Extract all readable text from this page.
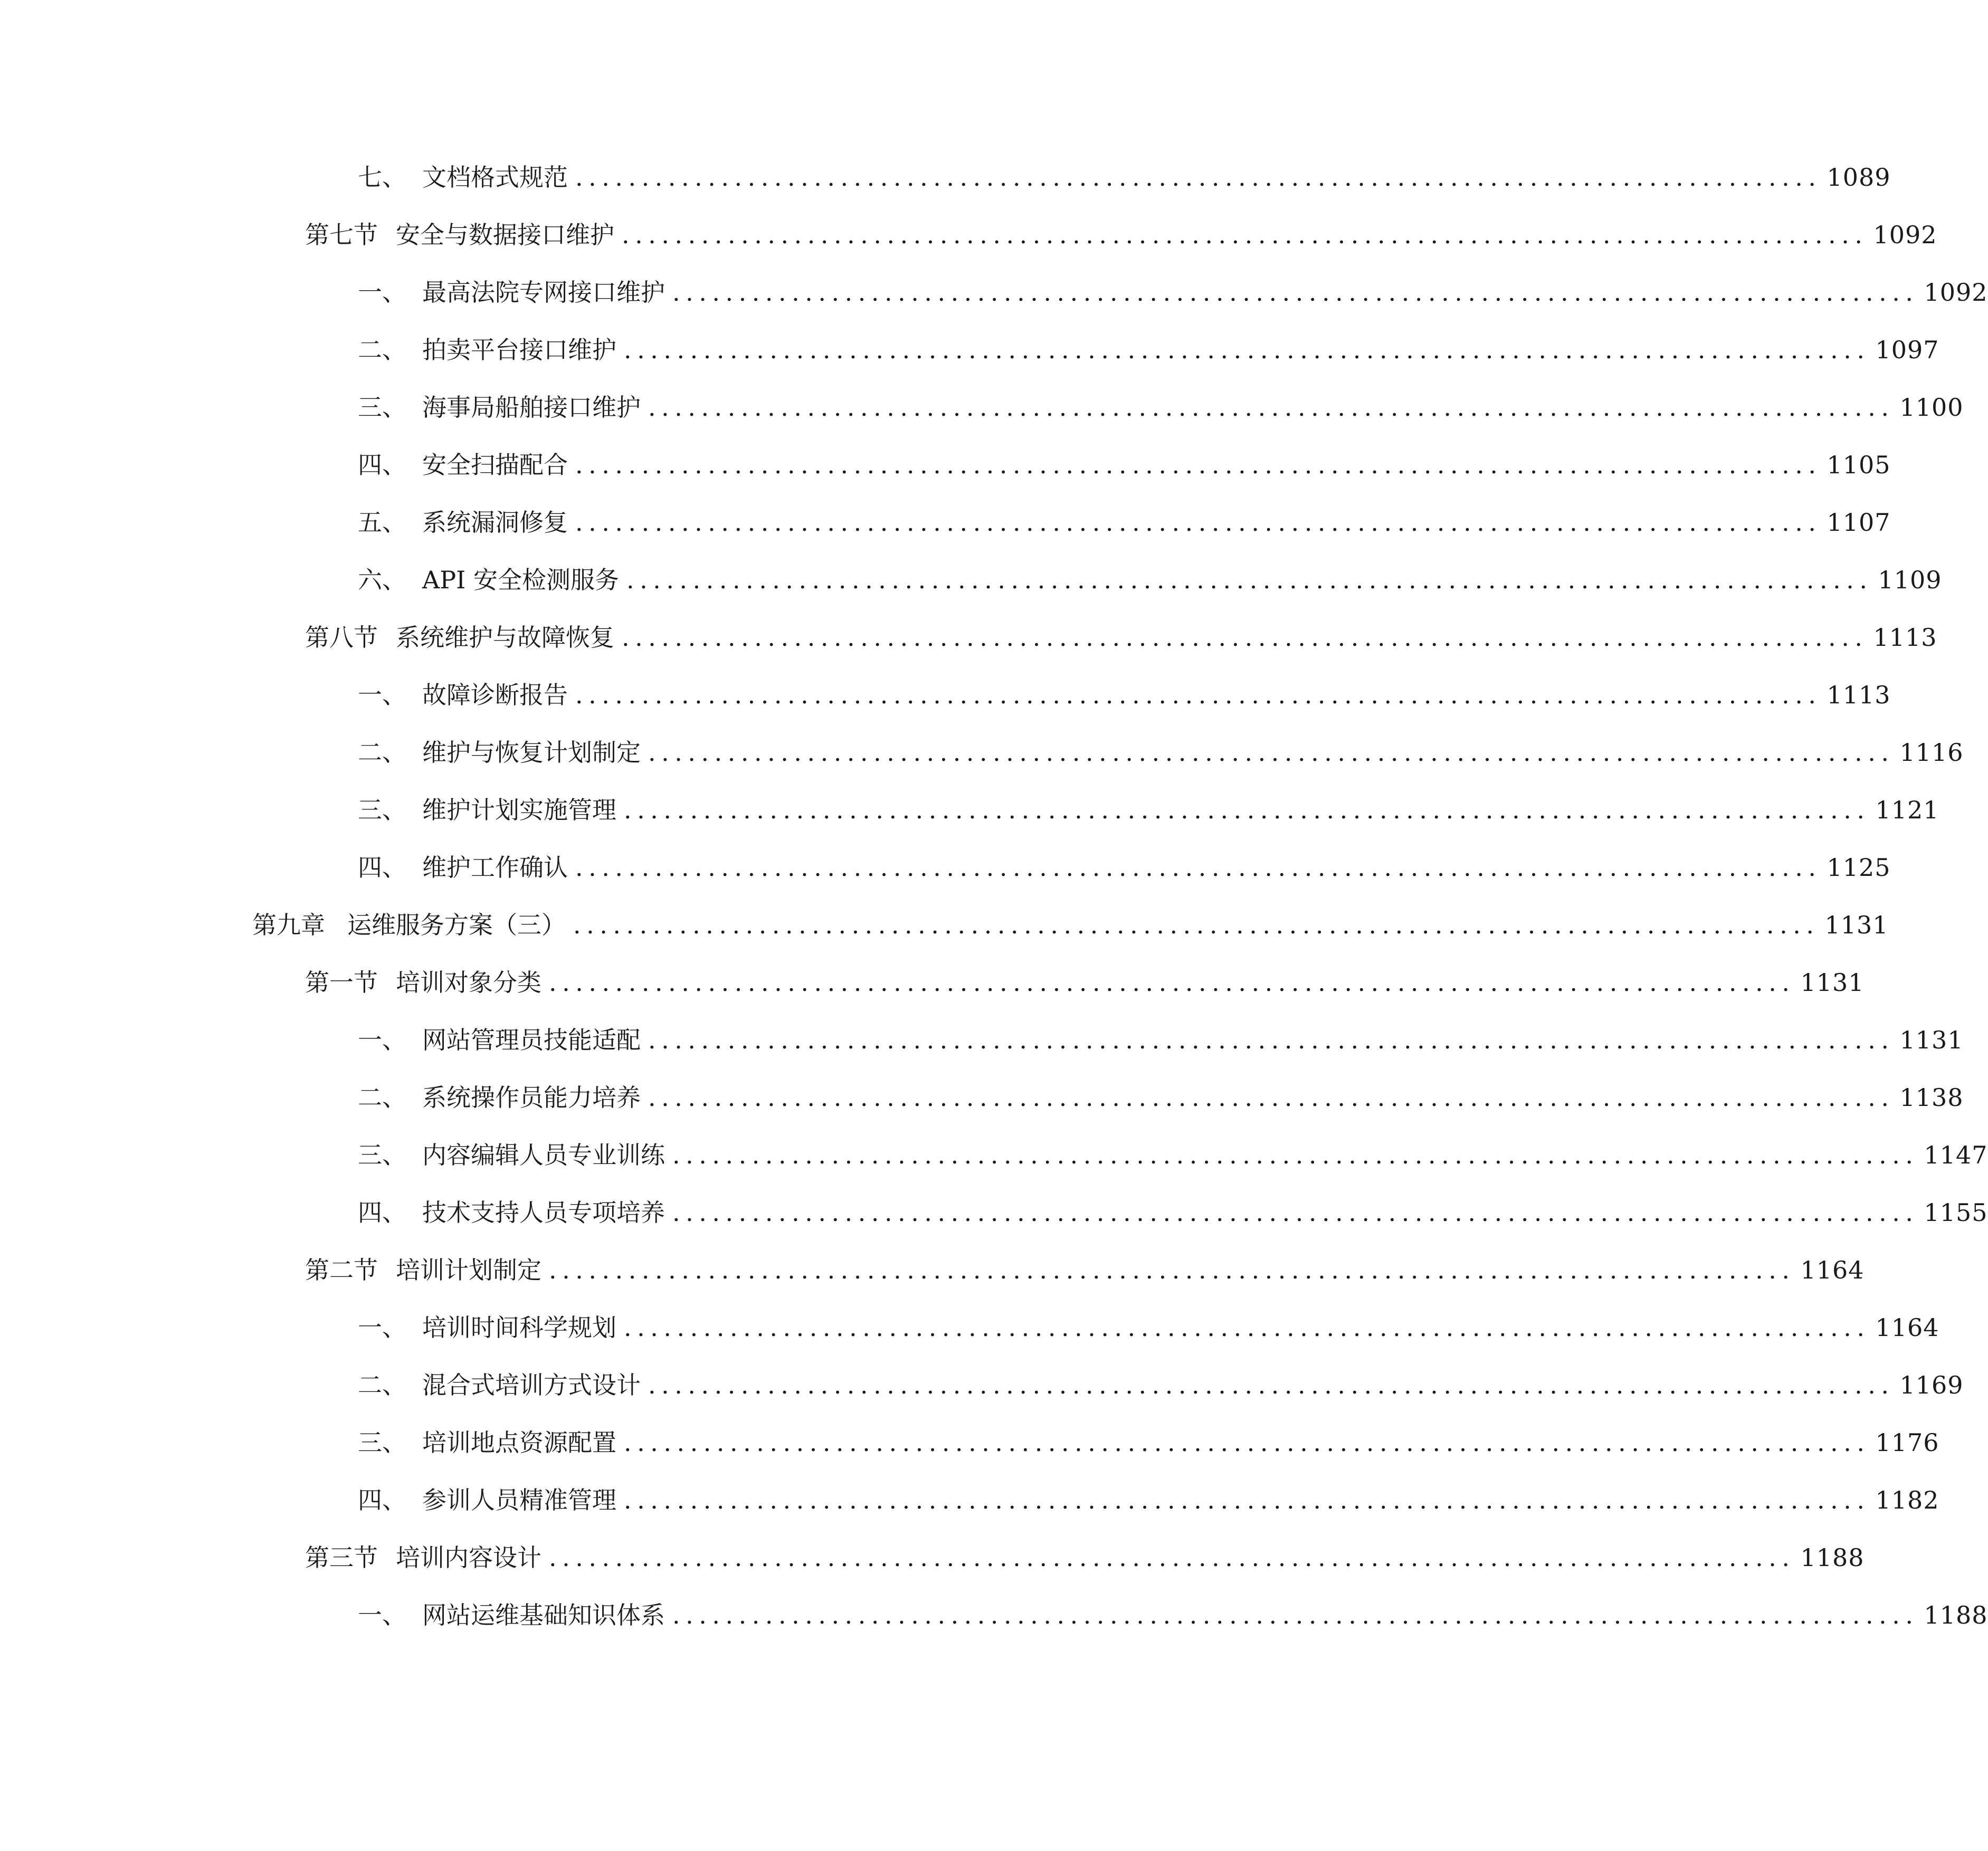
七、 文档格式规范 .............................................................................................. 1089
第七节 安全与数据接口维护 .............................................................................................. 1092
一、 最高法院专网接口维护 .............................................................................................. 1092
二、 拍卖平台接口维护 .............................................................................................. 1097
三、 海事局船舶接口维护 .............................................................................................. 1100
四、 安全扫描配合 .............................................................................................. 1105
五、 系统漏洞修复 .............................................................................................. 1107
六、 API 安全检测服务 .............................................................................................. 1109
第八节 系统维护与故障恢复 .............................................................................................. 1113
一、 故障诊断报告 .............................................................................................. 1113
二、 维护与恢复计划制定 .............................................................................................. 1116
三、 维护计划实施管理 .............................................................................................. 1121
四、 维护工作确认 .............................................................................................. 1125
第九章 运维服务方案（三） .............................................................................................. 1131
第一节 培训对象分类 .............................................................................................. 1131
一、 网站管理员技能适配 .............................................................................................. 1131
二、 系统操作员能力培养 .............................................................................................. 1138
三、 内容编辑人员专业训练 .............................................................................................. 1147
四、 技术支持人员专项培养 .............................................................................................. 1155
第二节 培训计划制定 .............................................................................................. 1164
一、 培训时间科学规划 .............................................................................................. 1164
二、 混合式培训方式设计 .............................................................................................. 1169
三、 培训地点资源配置 .............................................................................................. 1176
四、 参训人员精准管理 .............................................................................................. 1182
第三节 培训内容设计 .............................................................................................. 1188
一、 网站运维基础知识体系 .............................................................................................. 1188
